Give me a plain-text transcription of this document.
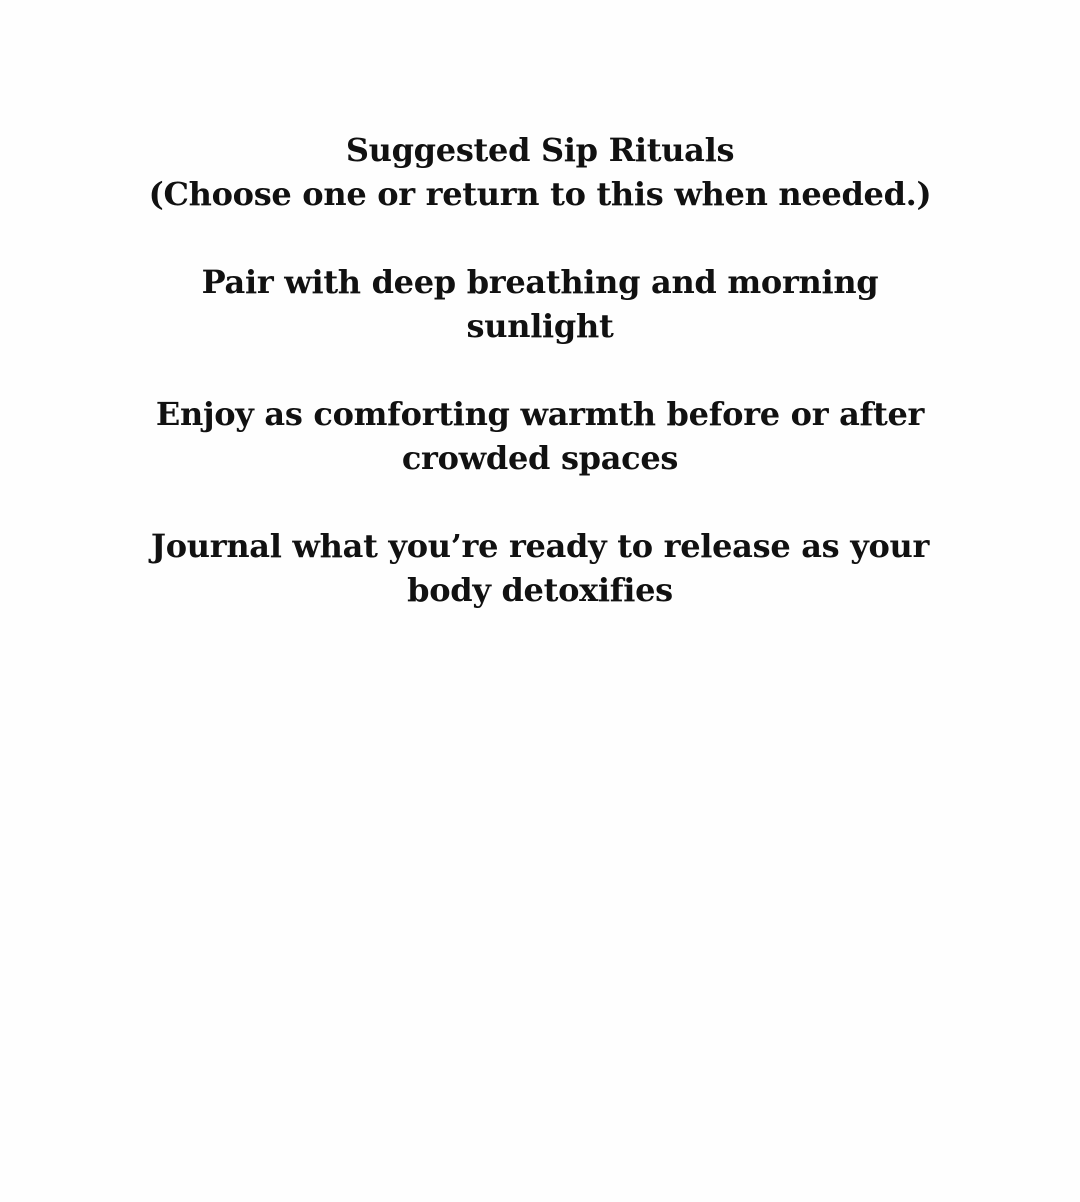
Suggested Sip Rituals

(Choose one or return to this when needed.)

Pair with deep breathing and morning sunlight

Enjoy as comforting warmth before or after crowded spaces

Journal what you’re ready to release as your body detoxifies
